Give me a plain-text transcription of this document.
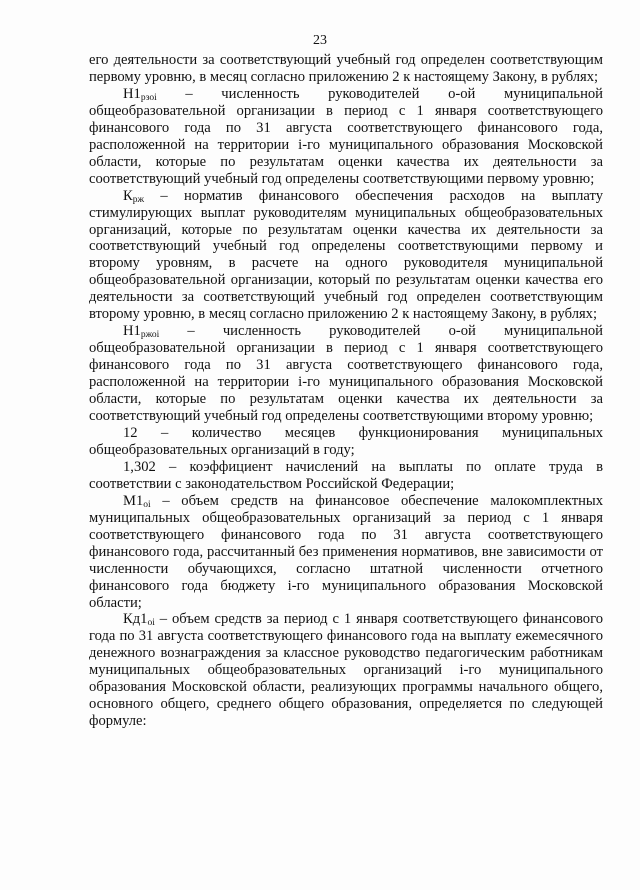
23

его деятельности за соответствующий учебный год определен соответствующим первому уровню, в месяц согласно приложению 2 к настоящему Закону, в рублях;

$Н1_{рзоі}$ – численность руководителей о-ой муниципальной общеобразовательной организации в период с 1 января соответствующего финансового года по 31 августа соответствующего финансового года, расположенной на территории i-го муниципального образования Московской области, которые по результатам оценки качества их деятельности за соответствующий учебный год определены соответствующими первому уровню;

$К_{рж}$ – норматив финансового обеспечения расходов на выплату стимулирующих выплат руководителям муниципальных общеобразовательных организаций, которые по результатам оценки качества их деятельности за соответствующий учебный год определены соответствующими первому и второму уровням, в расчете на одного руководителя муниципальной общеобразовательной организации, который по результатам оценки качества его деятельности за соответствующий учебный год определен соответствующим второму уровню, в месяц согласно приложению 2 к настоящему Закону, в рублях;

$Н1_{ржоі}$ – численность руководителей о-ой муниципальной общеобразовательной организации в период с 1 января соответствующего финансового года по 31 августа соответствующего финансового года, расположенной на территории i-го муниципального образования Московской области, которые по результатам оценки качества их деятельности за соответствующий учебный год определены соответствующими второму уровню;

12 – количество месяцев функционирования муниципальных общеобразовательных организаций в году;

1,302 – коэффициент начислений на выплаты по оплате труда в соответствии с законодательством Российской Федерации;

$М1_{оі}$ – объем средств на финансовое обеспечение малокомплектных муниципальных общеобразовательных организаций за период с 1 января соответствующего финансового года по 31 августа соответствующего финансового года, рассчитанный без применения нормативов, вне зависимости от численности обучающихся, согласно штатной численности отчетного финансового года бюджету i-го муниципального образования Московской области;

$Кд1_{оі}$ – объем средств за период с 1 января соответствующего финансового года по 31 августа соответствующего финансового года на выплату ежемесячного денежного вознаграждения за классное руководство педагогическим работникам муниципальных общеобразовательных организаций i-го муниципального образования Московской области, реализующих программы начального общего, основного общего, среднего общего образования, определяется по следующей формуле:
